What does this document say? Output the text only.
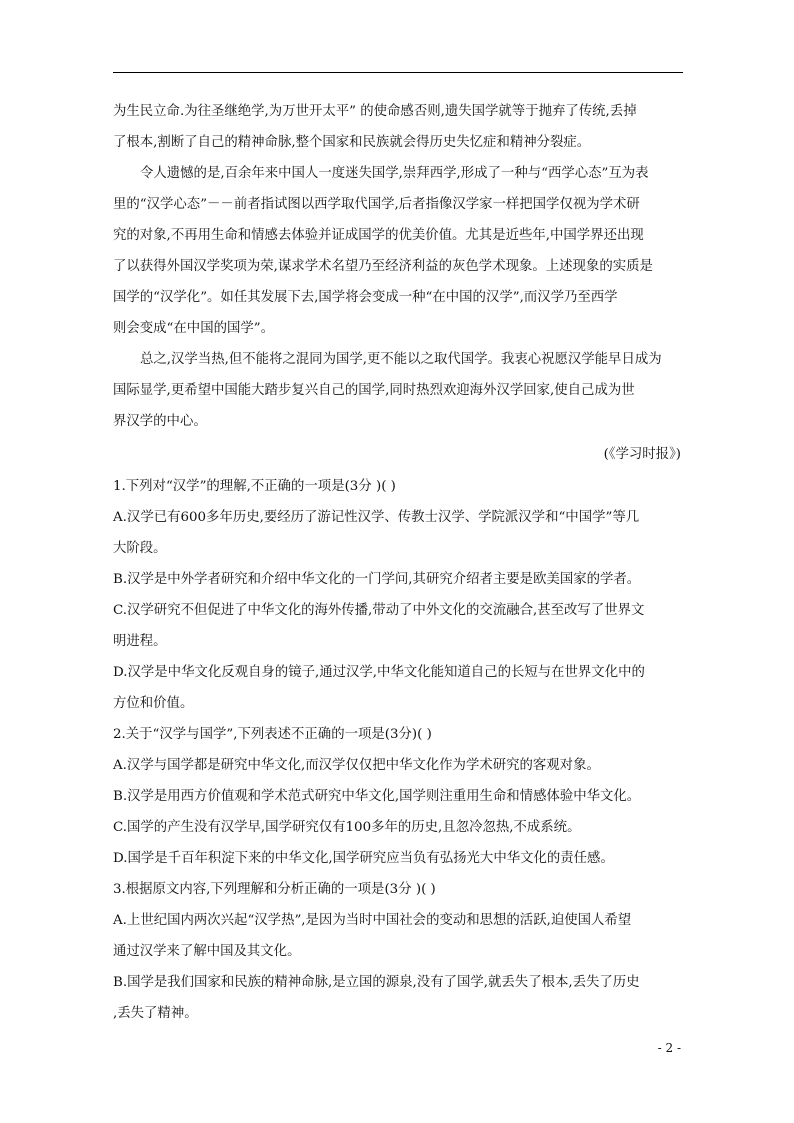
为生民立命.为往圣继绝学,为万世开太平” 的使命感否则,遗失国学就等于抛弃了传统,丢掉
了根本,割断了自己的精神命脉,整个国家和民族就会得历史失忆症和精神分裂症。
令人遗憾的是,百余年来中国人一度迷失国学,崇拜西学,形成了一种与“西学心态”互为表
里的“汉学心态”－－前者指试图以西学取代国学,后者指像汉学家一样把国学仅视为学术研
究的对象,不再用生命和情感去体验并证成国学的优美价值。尤其是近些年,中国学界还出现
了以获得外国汉学奖项为荣,谋求学术名望乃至经济利益的灰色学术现象。上述现象的实质是
国学的“汉学化”。如任其发展下去,国学将会变成一种“在中国的汉学”,而汉学乃至西学
则会变成“在中国的国学”。
总之,汉学当热,但不能将之混同为国学,更不能以之取代国学。我衷心祝愿汉学能早日成为
国际显学,更希望中国能大踏步复兴自己的国学,同时热烈欢迎海外汉学回家,使自己成为世
界汉学的中心。
(《学习时报》)
1.下列对“汉学”的理解,不正确的一项是(3分 )( )
A.汉学已有600多年历史,要经历了游记性汉学、传教士汉学、学院派汉学和“中国学”等几
大阶段。
B.汉学是中外学者研究和介绍中华文化的一门学问,其研究介绍者主要是欧美国家的学者。
C.汉学研究不但促进了中华文化的海外传播,带动了中外文化的交流融合,甚至改写了世界文
明进程。
D.汉学是中华文化反观自身的镜子,通过汉学,中华文化能知道自己的长短与在世界文化中的
方位和价值。
2.关于“汉学与国学”,下列表述不正确的一项是(3分)( )
A.汉学与国学都是研究中华文化,而汉学仅仅把中华文化作为学术研究的客观对象。
B.汉学是用西方价值观和学术范式研究中华文化,国学则注重用生命和情感体验中华文化。
C.国学的产生没有汉学早,国学研究仅有100多年的历史,且忽冷忽热,不成系统。
D.国学是千百年积淀下来的中华文化,国学研究应当负有弘扬光大中华文化的责任感。
3.根据原文内容,下列理解和分析正确的一项是(3分 )( )
A.上世纪国内两次兴起“汉学热”,是因为当时中国社会的变动和思想的活跃,迫使国人希望
通过汉学来了解中国及其文化。
B.国学是我们国家和民族的精神命脉,是立国的源泉,没有了国学,就丢失了根本,丢失了历史
,丢失了精神。
- 2 -
